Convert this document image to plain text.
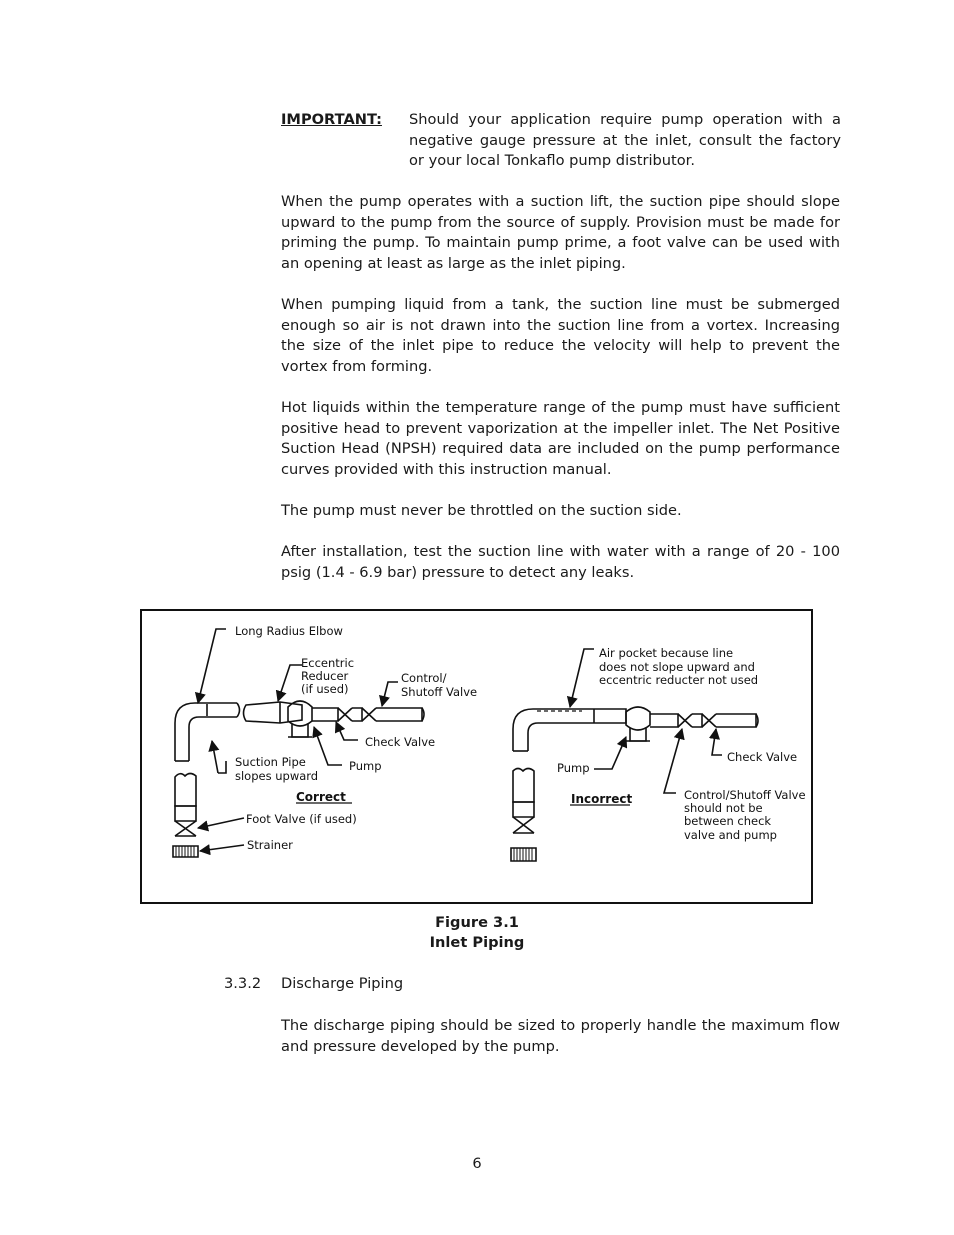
IMPORTANT: Should your application require pump operation with a negative gauge pressure at the inlet, consult the factory or your local Tonkaflo pump distributor.

When the pump operates with a suction lift, the suction pipe should slope upward to the pump from the source of supply. Provision must be made for priming the pump. To maintain pump prime, a foot valve can be used with an opening at least as large as the inlet piping.

When pumping liquid from a tank, the suction line must be submerged enough so air is not drawn into the suction line from a vortex. Increasing the size of the inlet pipe to reduce the velocity will help to prevent the vortex from forming.

Hot liquids within the temperature range of the pump must have sufficient positive head to prevent vaporization at the impeller inlet. The Net Positive Suction Head (NPSH) required data are included on the pump performance curves provided with this instruction manual.

The pump must never be throttled on the suction side.

After installation, test the suction line with water with a range of 20 - 100 psig (1.4 - 6.9 bar) pressure to detect any leaks.

Long Radius Elbow
Eccentric
Reducer
(if used)
Control/
Shutoff Valve
Check Valve
Suction Pipe
slopes upward
Pump
Correct
Foot Valve (if used)
Strainer
Air pocket because line
does not slope upward and
eccentric reducter not used
Check Valve
Pump
Incorrect	Control/Shutoff Valve
should not be
between check
valve and pump
Figure 3.1
Inlet Piping
3.3.2 Discharge Piping

The discharge piping should be sized to properly handle the maximum flow and pressure developed by the pump.

6
